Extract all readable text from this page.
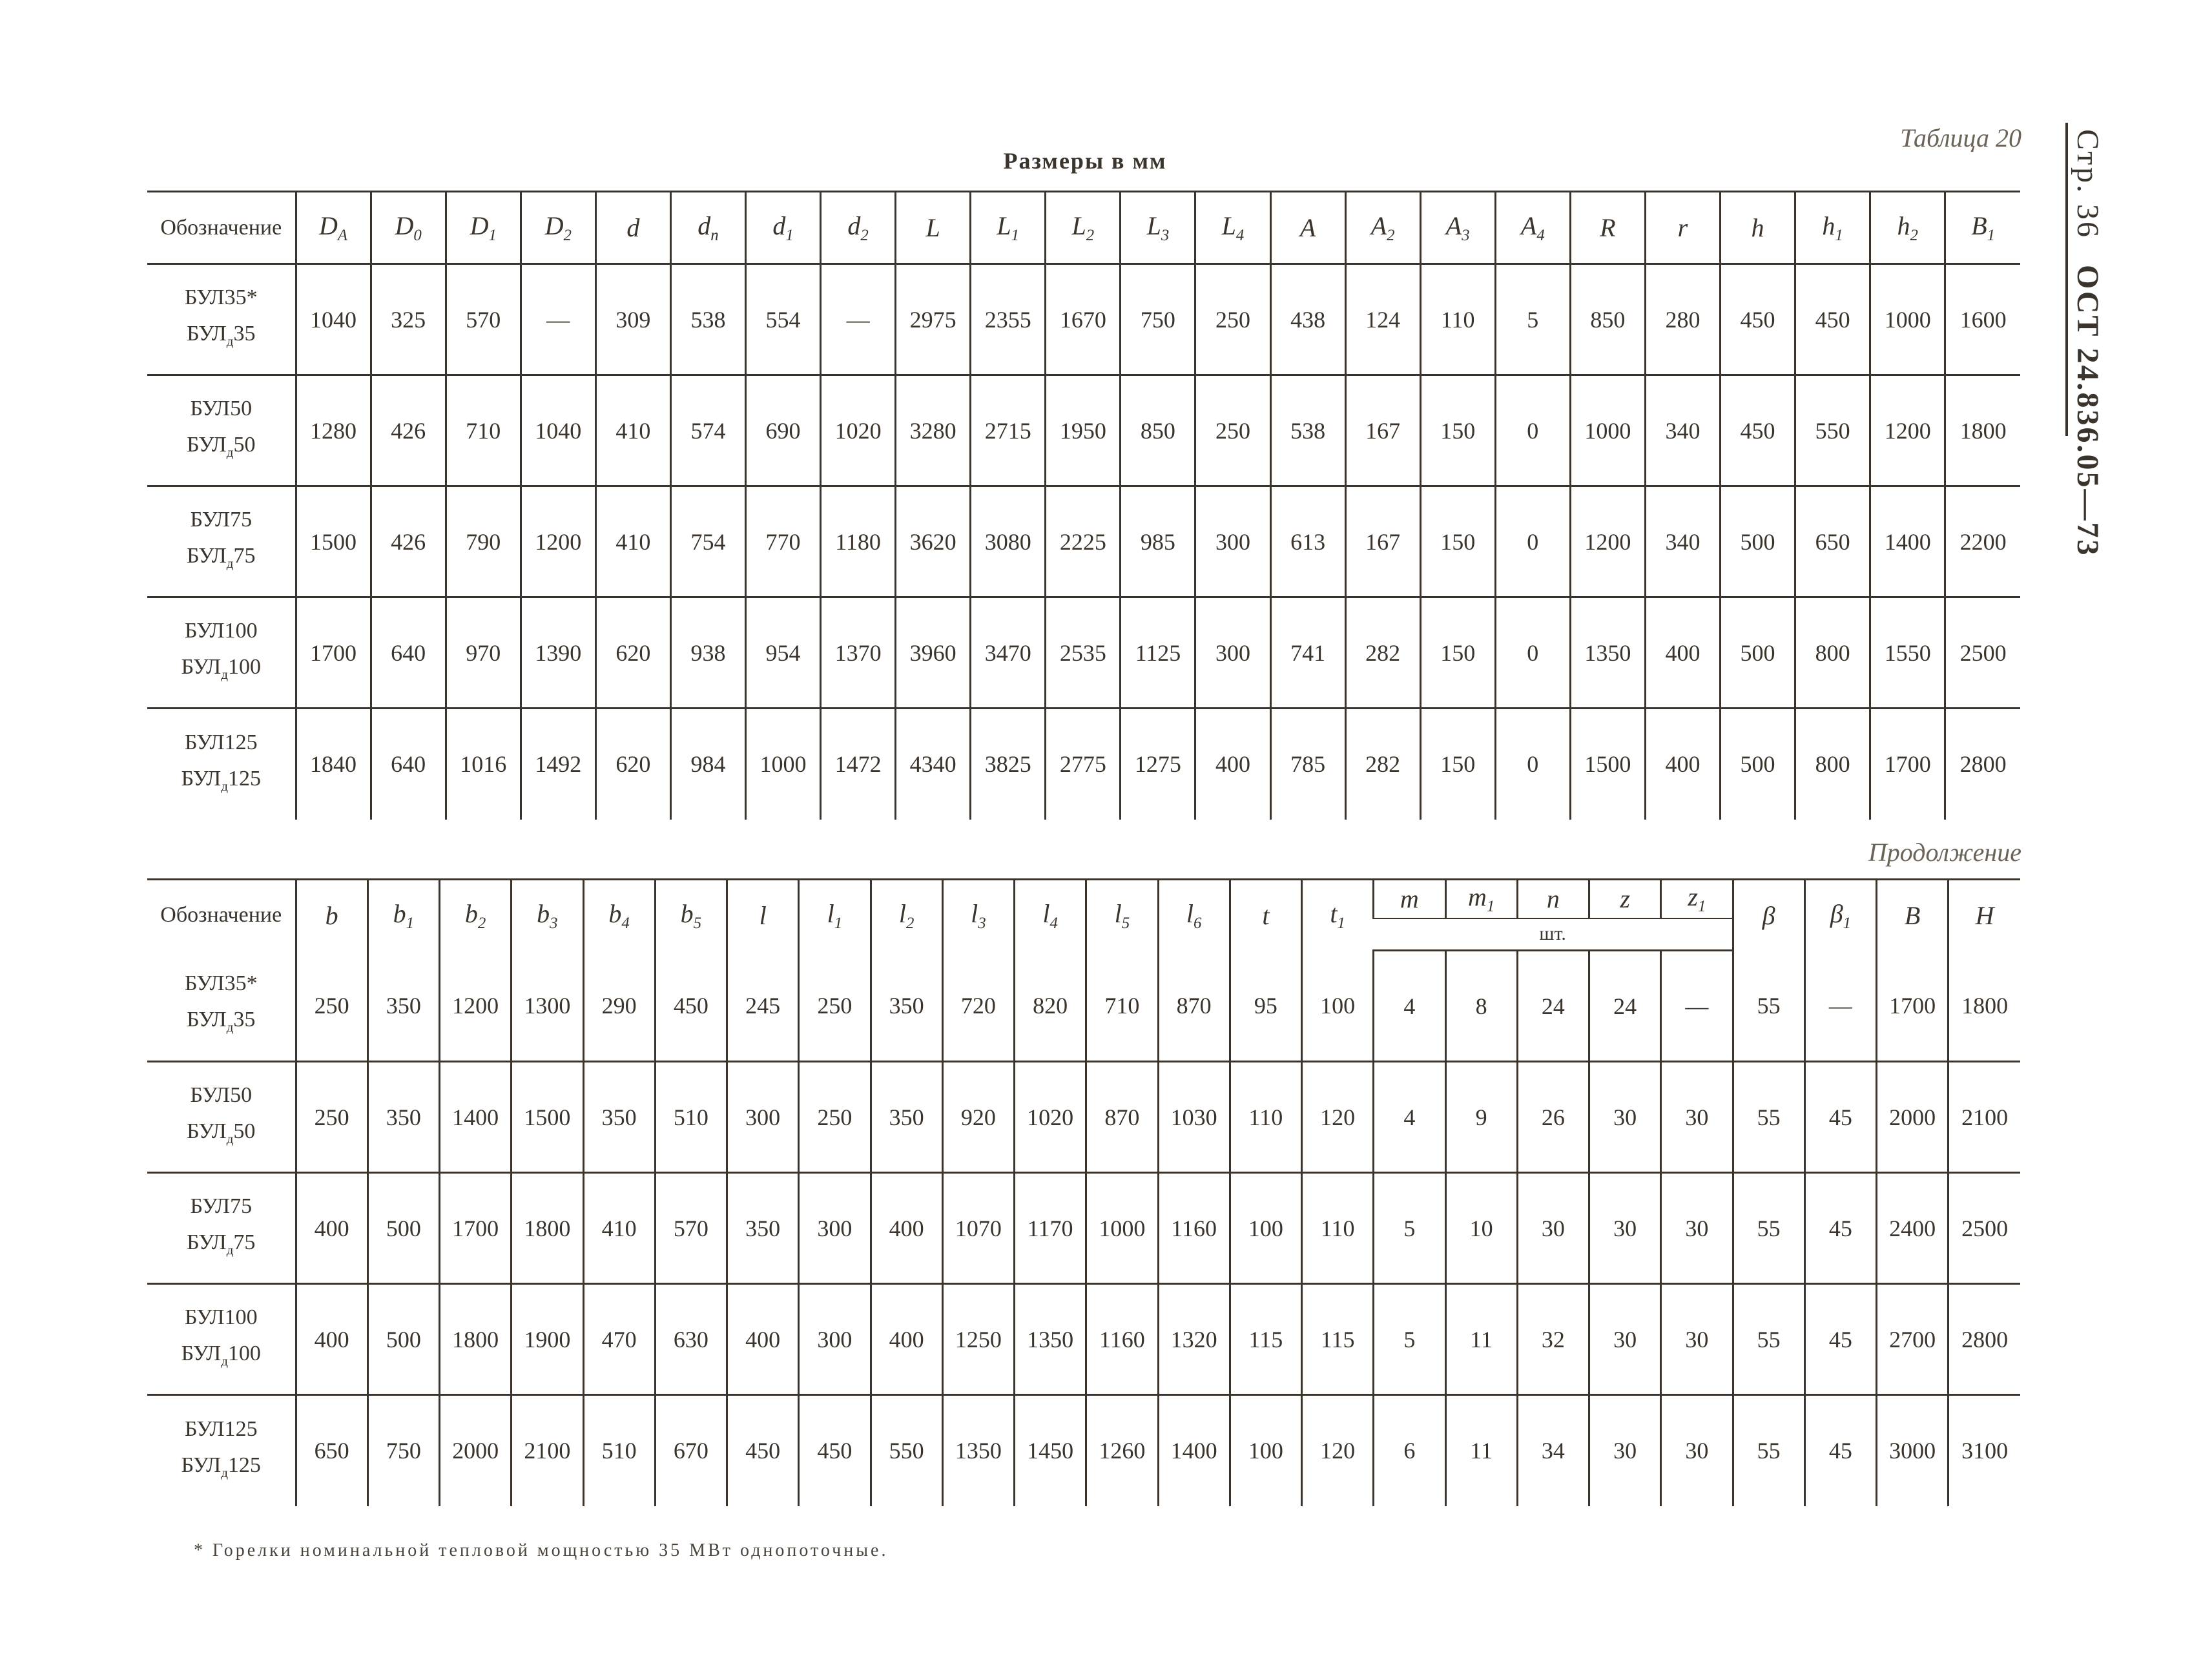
Стр. 36ОСТ 24.836.05—73
Таблица 20
Размеры в мм
Обозначение	$D_A$	$D_0$	$D_1$	$D_2$	d	$d_п$	$d_1$	$d_2$	L	$L_1$	$L_2$	$L_3$	$L_4$	A	$A_2$	$A_3$	$A_4$	R	r	h	$h_1$	$h_2$	$B_1$

БУЛ35*
$БУЛ_д35$	1040	325	570	—	309	538	554	—	2975	2355	1670	750	250	438	124	110	5	850	280	450	450	1000	1600

БУЛ50
$БУЛ_д50$	1280	426	710	1040	410	574	690	1020	3280	2715	1950	850	250	538	167	150	0	1000	340	450	550	1200	1800

БУЛ75
$БУЛ_д75$	1500	426	790	1200	410	754	770	1180	3620	3080	2225	985	300	613	167	150	0	1200	340	500	650	1400	2200

БУЛ100
$БУЛ_д100$	1700	640	970	1390	620	938	954	1370	3960	3470	2535	1125	300	741	282	150	0	1350	400	500	800	1550	2500

БУЛ125
$БУЛ_д125$	1840	640	1016	1492	620	984	1000	1472	4340	3825	2775	1275	400	785	282	150	0	1500	400	500	800	1700	2800
Продолжение
Обозначение	b	$b_1$	$b_2$	$b_3$	$b_4$	$b_5$	l	$l_1$	$l_2$	$l_3$	$l_4$	$l_5$	$l_6$	t	$t_1$	m	$m_1$	n	z	$z_1$	β	$\beta_1$	B	H
																шт.								

БУЛ35*
$БУЛ_д35$	250	350	1200	1300	290	450	245	250	350	720	820	710	870	95	100	4	8	24	24	—	55	—	1700	1800

БУЛ50
$БУЛ_д50$	250	350	1400	1500	350	510	300	250	350	920	1020	870	1030	110	120	4	9	26	30	30	55	45	2000	2100

БУЛ75
$БУЛ_д75$	400	500	1700	1800	410	570	350	300	400	1070	1170	1000	1160	100	110	5	10	30	30	30	55	45	2400	2500

БУЛ100
$БУЛ_д100$	400	500	1800	1900	470	630	400	300	400	1250	1350	1160	1320	115	115	5	11	32	30	30	55	45	2700	2800

БУЛ125
$БУЛ_д125$	650	750	2000	2100	510	670	450	450	550	1350	1450	1260	1400	100	120	6	11	34	30	30	55	45	3000	3100
* Горелки номинальной тепловой мощностью 35 МВт однопоточные.
